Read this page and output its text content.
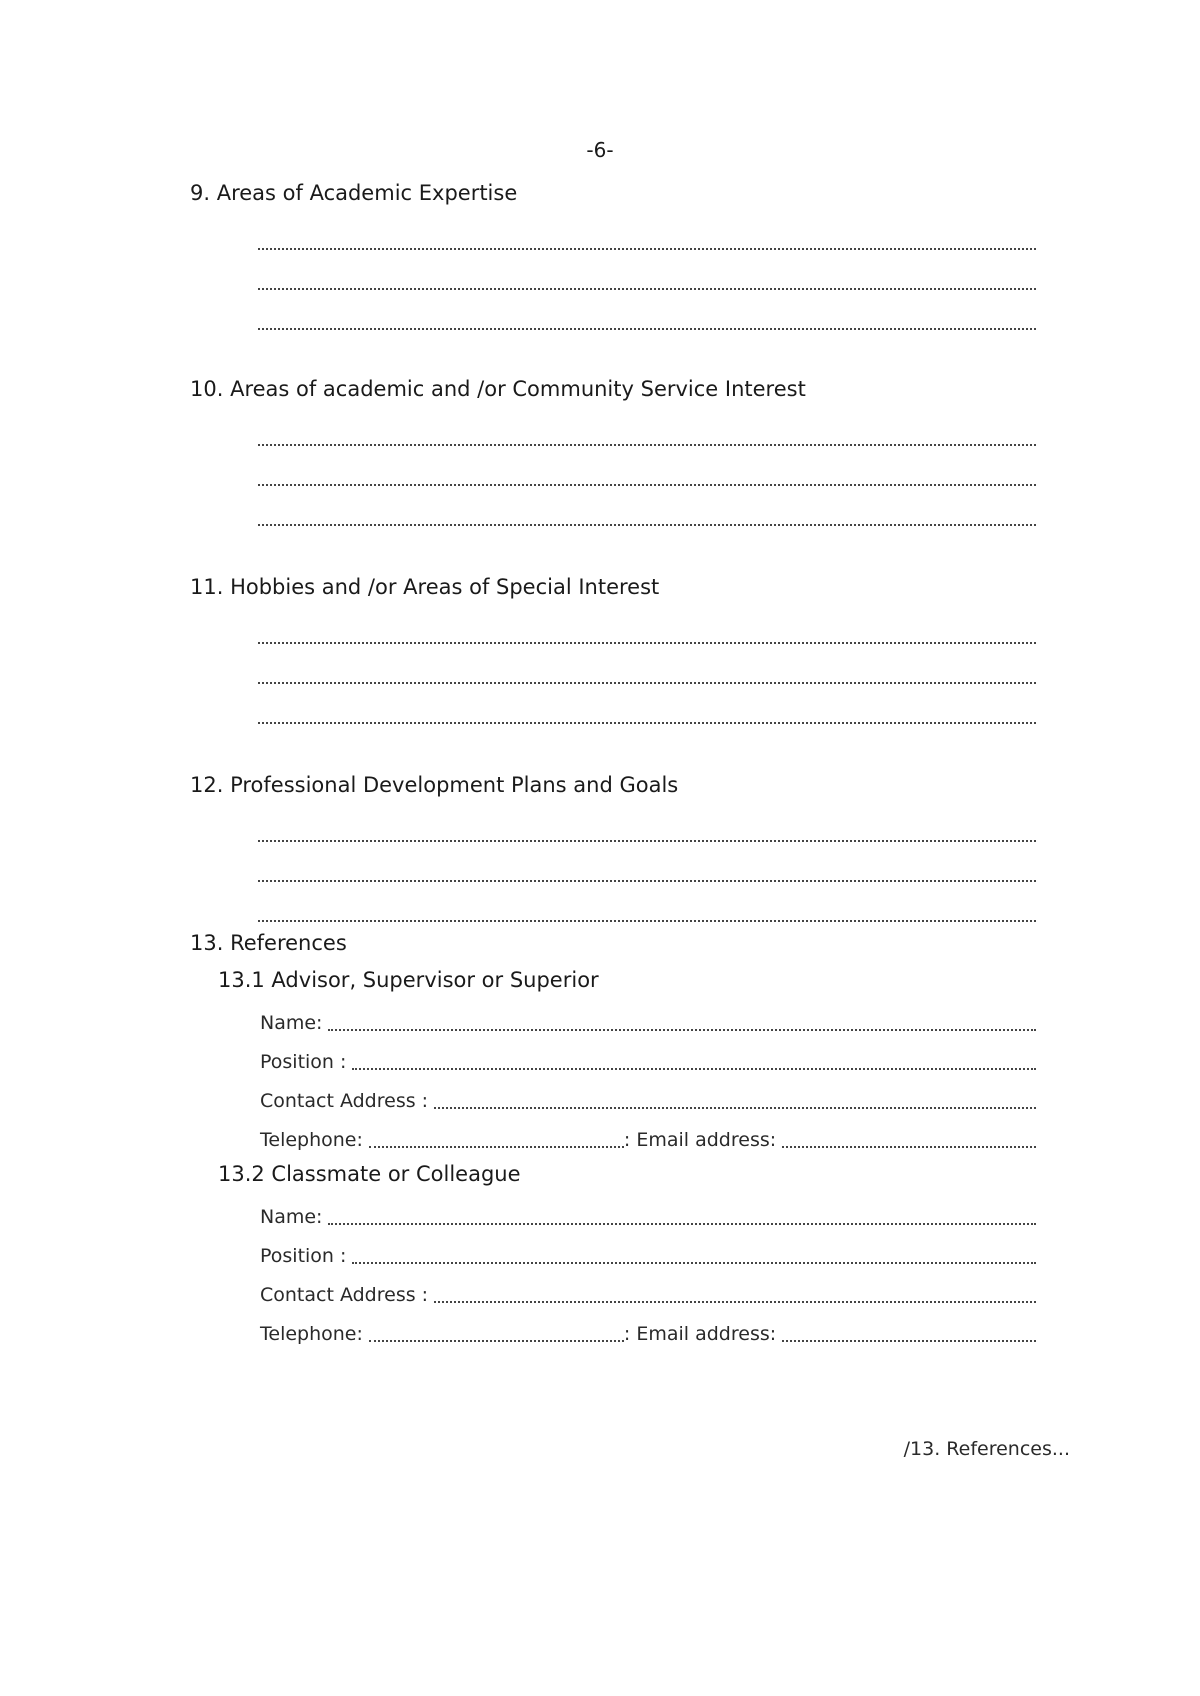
-6-
9. Areas of Academic Expertise
10. Areas of academic and /or Community Service Interest
11. Hobbies and /or Areas of Special Interest
12. Professional Development Plans and Goals
13. References
13.1 Advisor, Supervisor or Superior
Name:
Position :
Contact Address :
Telephone:	: Email address:
13.2 Classmate or Colleague
Name:
Position :
Contact Address :
Telephone:	: Email address:
/13. References...
